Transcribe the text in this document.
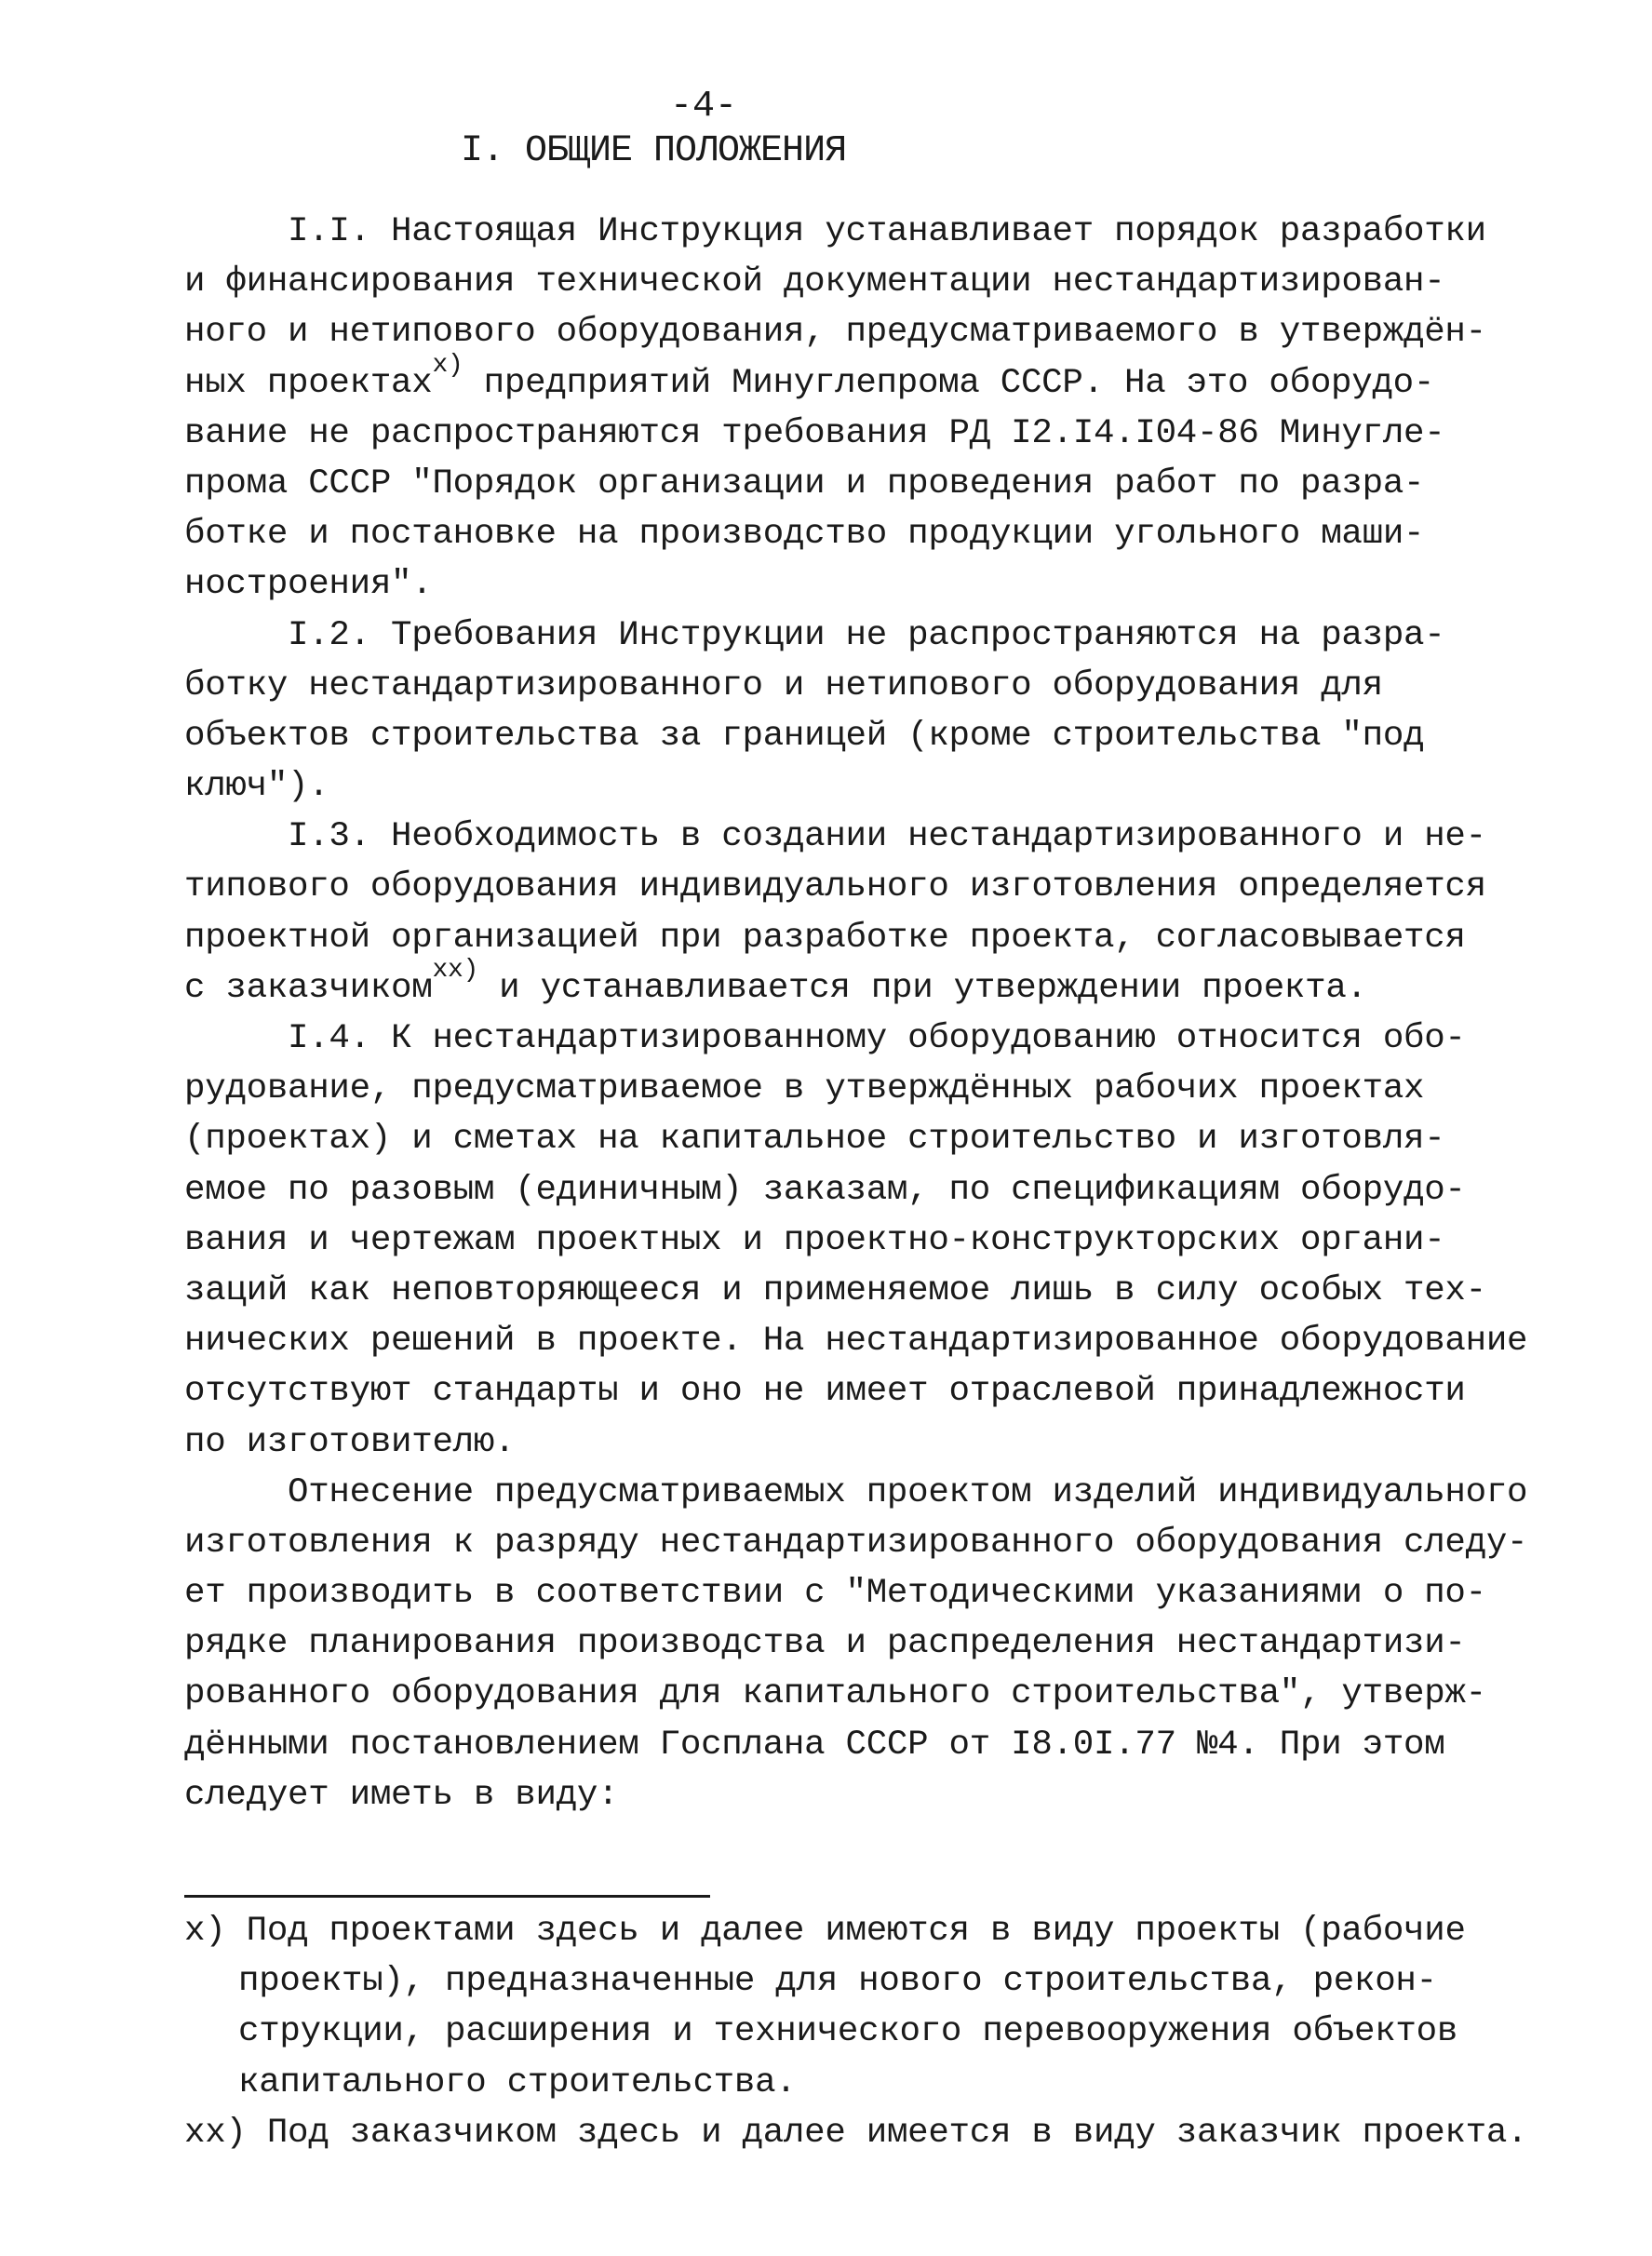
-4-
I. ОБЩИЕ ПОЛОЖЕНИЯ
I.I. Настоящая Инструкция устанавливает порядок разработки
и финансирования технической документации нестандартизирован-
ного и нетипового оборудования, предусматриваемого в утверждён-
ных проектах$^{х)}$ предприятий Минуглепрома СССР. На это оборудо-
вание не распространяются требования РД I2.I4.I04-86 Минугле-
прома СССР "Порядок организации и проведения работ по разра-
ботке и постановке на производство продукции угольного маши-
ностроения".
I.2. Требования Инструкции не распространяются на разра-
ботку нестандартизированного и нетипового оборудования для
объектов строительства за границей (кроме строительства "под
ключ").
I.3. Необходимость в создании нестандартизированного и не-
типового оборудования индивидуального изготовления определяется
проектной организацией при разработке проекта, согласовывается
с заказчиком$^{хх)}$ и устанавливается при утверждении проекта.
I.4. К нестандартизированному оборудованию относится обо-
рудование, предусматриваемое в утверждённых рабочих проектах
(проектах) и сметах на капитальное строительство и изготовля-
емое по разовым (единичным) заказам, по спецификациям оборудо-
вания и чертежам проектных и проектно-конструкторских органи-
заций как неповторяющееся и применяемое лишь в силу особых тех-
нических решений в проекте. На нестандартизированное оборудование
отсутствуют стандарты и оно не имеет отраслевой принадлежности
по изготовителю.
Отнесение предусматриваемых проектом изделий индивидуального
изготовления к разряду нестандартизированного оборудования следу-
ет производить в соответствии с "Методическими указаниями о по-
рядке планирования производства и распределения нестандартизи-
рованного оборудования для капитального строительства", утверж-
дёнными постановлением Госплана СССР от I8.0I.77 №4. При этом
следует иметь в виду:
х) Под проектами здесь и далее имеются в виду проекты (рабочие
проекты), предназначенные для нового строительства, рекон-
струкции, расширения и технического перевооружения объектов
капитального строительства.
хх) Под заказчиком здесь и далее имеется в виду заказчик проекта.
